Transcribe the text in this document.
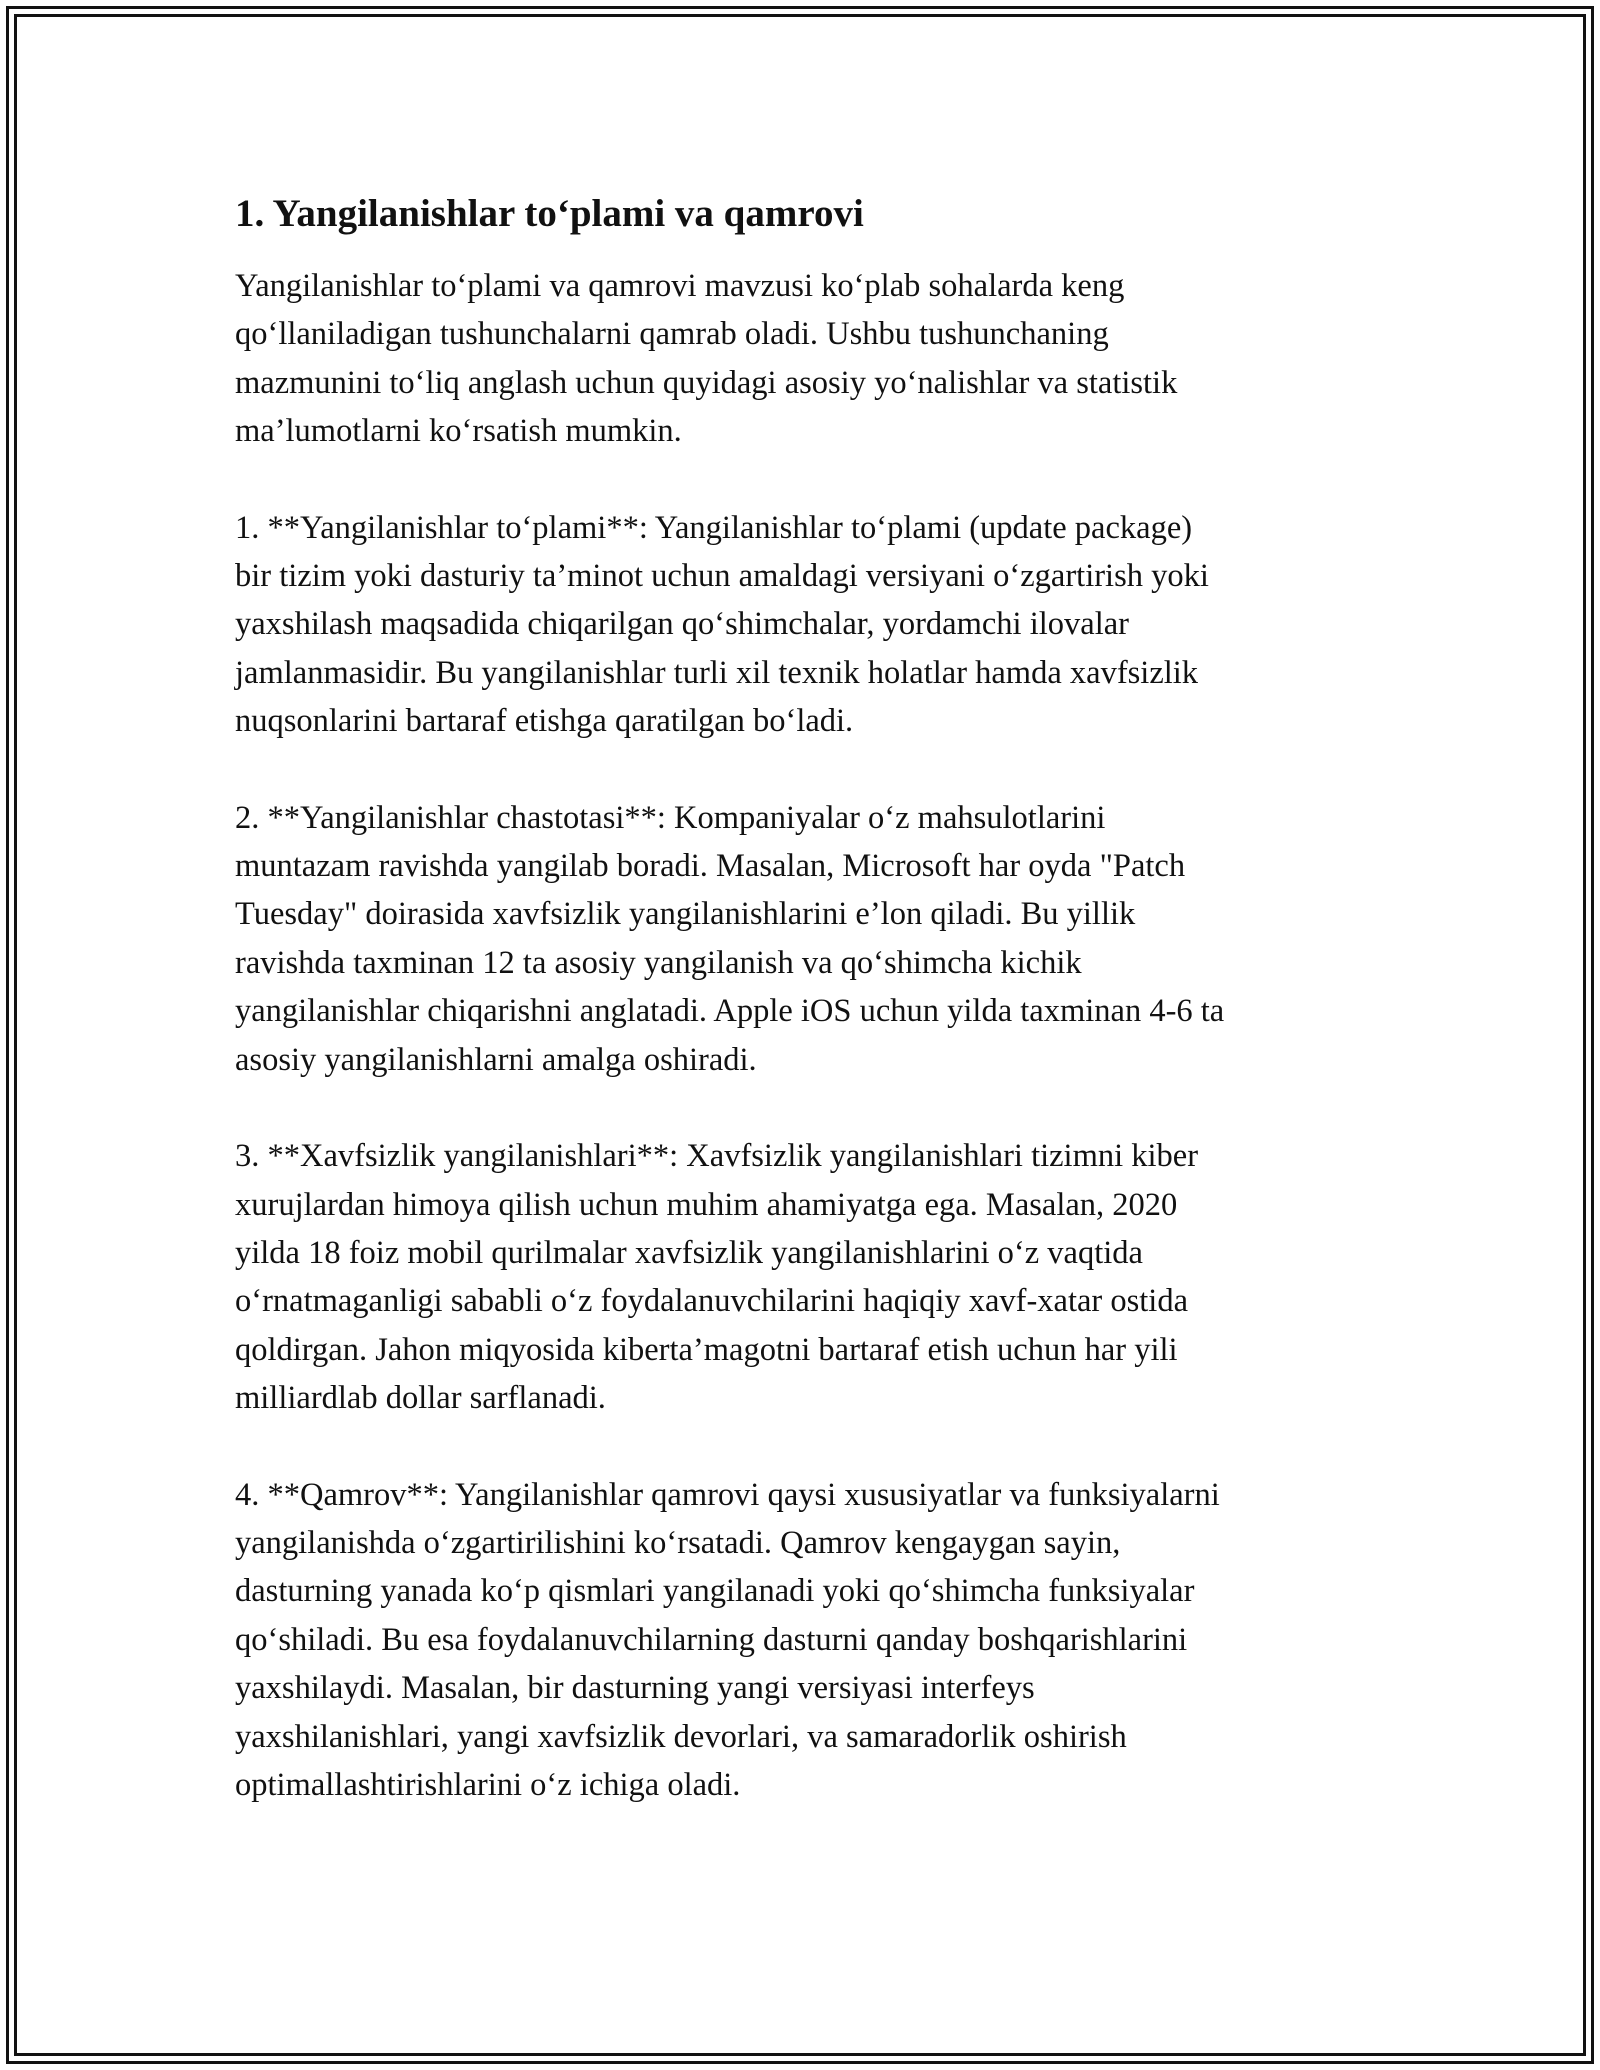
1. Yangilanishlar to‘plami va qamrovi

Yangilanishlar to‘plami va qamrovi mavzusi ko‘plab sohalarda keng
qo‘llaniladigan tushunchalarni qamrab oladi. Ushbu tushunchaning
mazmunini to‘liq anglash uchun quyidagi asosiy yo‘nalishlar va statistik
ma’lumotlarni ko‘rsatish mumkin.

1. **Yangilanishlar to‘plami**: Yangilanishlar to‘plami (update package)
bir tizim yoki dasturiy ta’minot uchun amaldagi versiyani o‘zgartirish yoki
yaxshilash maqsadida chiqarilgan qo‘shimchalar, yordamchi ilovalar
jamlanmasidir. Bu yangilanishlar turli xil texnik holatlar hamda xavfsizlik
nuqsonlarini bartaraf etishga qaratilgan bo‘ladi.

2. **Yangilanishlar chastotasi**: Kompaniyalar o‘z mahsulotlarini
muntazam ravishda yangilab boradi. Masalan, Microsoft har oyda "Patch
Tuesday" doirasida xavfsizlik yangilanishlarini e’lon qiladi. Bu yillik
ravishda taxminan 12 ta asosiy yangilanish va qo‘shimcha kichik
yangilanishlar chiqarishni anglatadi. Apple iOS uchun yilda taxminan 4-6 ta
asosiy yangilanishlarni amalga oshiradi.

3. **Xavfsizlik yangilanishlari**: Xavfsizlik yangilanishlari tizimni kiber
xurujlardan himoya qilish uchun muhim ahamiyatga ega. Masalan, 2020
yilda 18 foiz mobil qurilmalar xavfsizlik yangilanishlarini o‘z vaqtida
o‘rnatmaganligi sababli o‘z foydalanuvchilarini haqiqiy xavf-xatar ostida
qoldirgan. Jahon miqyosida kiberta’magotni bartaraf etish uchun har yili
milliardlab dollar sarflanadi.

4. **Qamrov**: Yangilanishlar qamrovi qaysi xususiyatlar va funksiyalarni
yangilanishda o‘zgartirilishini ko‘rsatadi. Qamrov kengaygan sayin,
dasturning yanada ko‘p qismlari yangilanadi yoki qo‘shimcha funksiyalar
qo‘shiladi. Bu esa foydalanuvchilarning dasturni qanday boshqarishlarini
yaxshilaydi. Masalan, bir dasturning yangi versiyasi interfeys
yaxshilanishlari, yangi xavfsizlik devorlari, va samaradorlik oshirish
optimallashtirishlarini o‘z ichiga oladi.
